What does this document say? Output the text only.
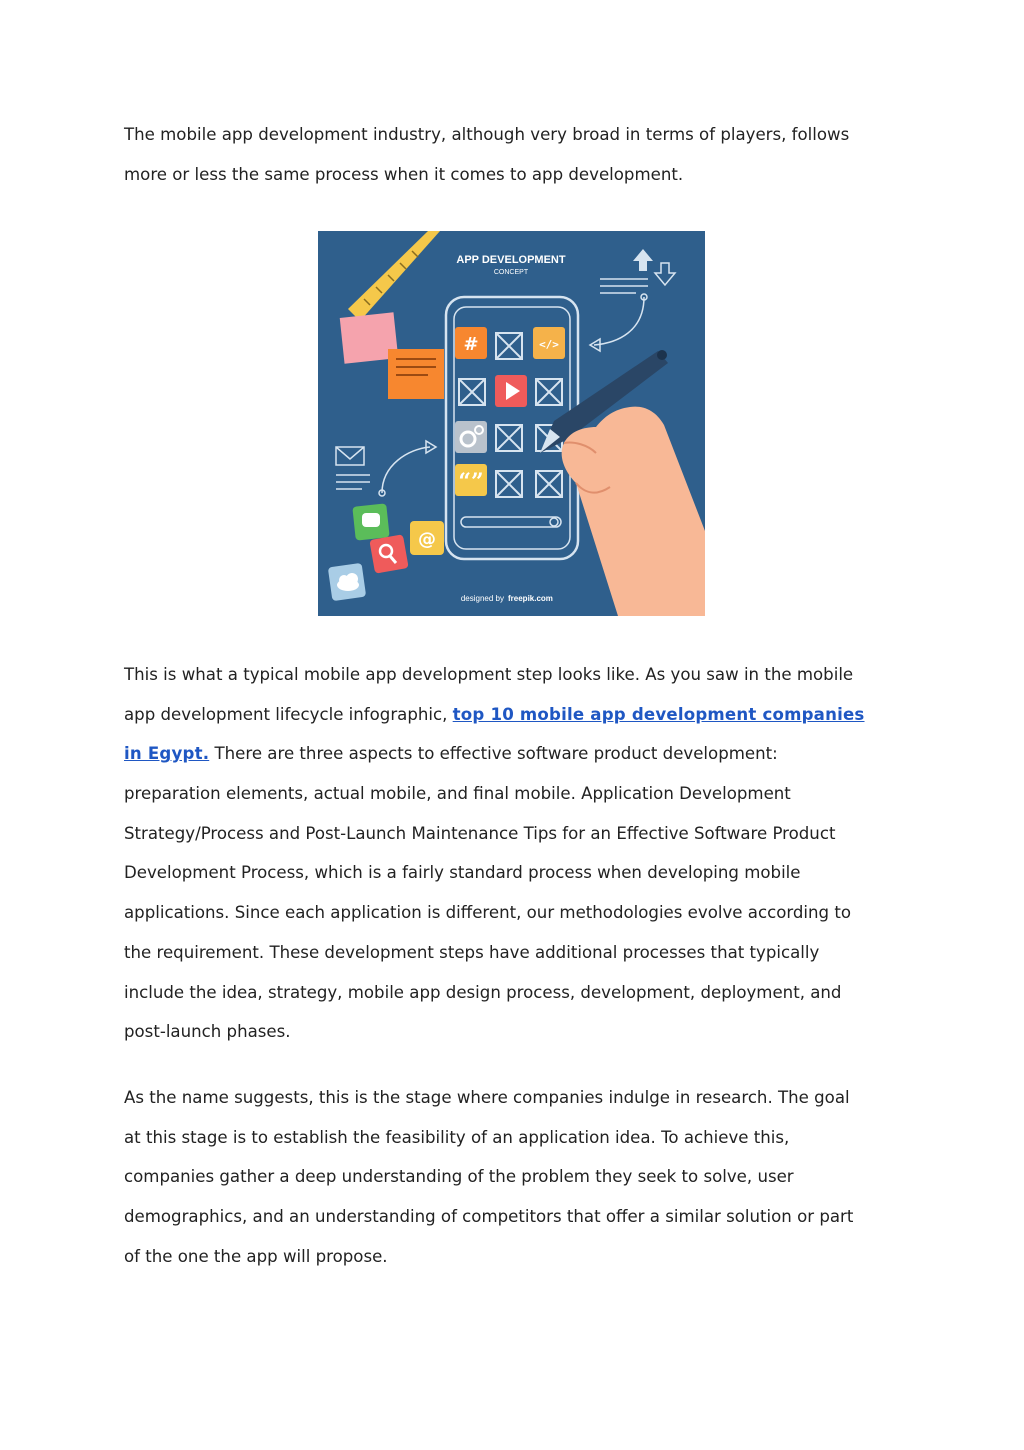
The mobile app development industry, although very broad in terms of players, follows
more or less the same process when it comes to app development.

APP DEVELOPMENT
CONCEPT
#	</>
“”
@
designed by freepik.com

This is what a typical mobile app development step looks like. As you saw in the mobile
app development lifecycle infographic, top 10 mobile app development companies
in Egypt. There are three aspects to effective software product development:
preparation elements, actual mobile, and final mobile. Application Development
Strategy/Process and Post-Launch Maintenance Tips for an Effective Software Product
Development Process, which is a fairly standard process when developing mobile
applications. Since each application is different, our methodologies evolve according to
the requirement. These development steps have additional processes that typically
include the idea, strategy, mobile app design process, development, deployment, and
post-launch phases.

As the name suggests, this is the stage where companies indulge in research. The goal
at this stage is to establish the feasibility of an application idea. To achieve this,
companies gather a deep understanding of the problem they seek to solve, user
demographics, and an understanding of competitors that offer a similar solution or part
of the one the app will propose.
